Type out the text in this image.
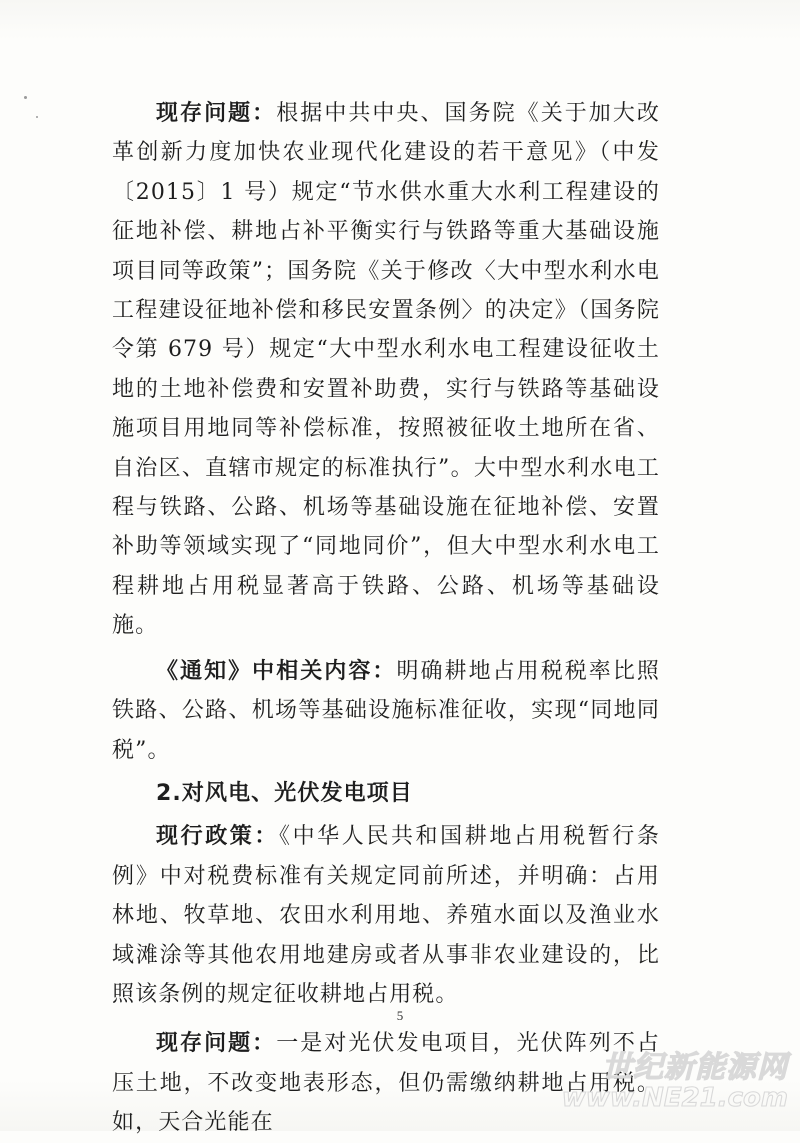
现存问题：根据中共中央、国务院《关于加大改革创新力度加快农业现代化建设的若干意见》（中发〔2015〕1 号）规定“节水供水重大水利工程建设的征地补偿、耕地占补平衡实行与铁路等重大基础设施项目同等政策”；国务院《关于修改〈大中型水利水电工程建设征地补偿和移民安置条例〉的决定》（国务院令第 679 号）规定“大中型水利水电工程建设征收土地的土地补偿费和安置补助费，实行与铁路等基础设施项目用地同等补偿标准，按照被征收土地所在省、自治区、直辖市规定的标准执行”。大中型水利水电工程与铁路、公路、机场等基础设施在征地补偿、安置补助等领域实现了“同地同价”，但大中型水利水电工程耕地占用税显著高于铁路、公路、机场等基础设施。

《通知》中相关内容：明确耕地占用税税率比照铁路、公路、机场等基础设施标准征收，实现“同地同税”。

2.对风电、光伏发电项目

现行政策：《中华人民共和国耕地占用税暂行条例》中对税费标准有关规定同前所述，并明确：占用林地、牧草地、农田水利用地、养殖水面以及渔业水域滩涂等其他农用地建房或者从事非农业建设的，比照该条例的规定征收耕地占用税。

现存问题：一是对光伏发电项目，光伏阵列不占压土地，不改变地表形态，但仍需缴纳耕地占用税。如，天合光能在

5
世纪新能源网
www.NE21.com
